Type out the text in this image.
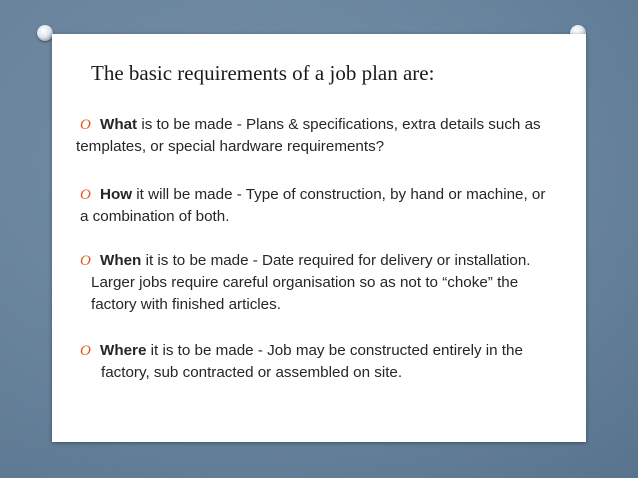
The basic requirements of a job plan are:
O What is to be made - Plans & specifications, extra details such as
templates, or special hardware requirements?
O How it will be made - Type of construction, by hand or machine, or
a combination of both.
O When it is to be made - Date required for delivery or installation.
Larger jobs require careful organisation so as not to “choke” the
factory with finished articles.
O Where it is to be made - Job may be constructed entirely in the
factory, sub contracted or assembled on site.
